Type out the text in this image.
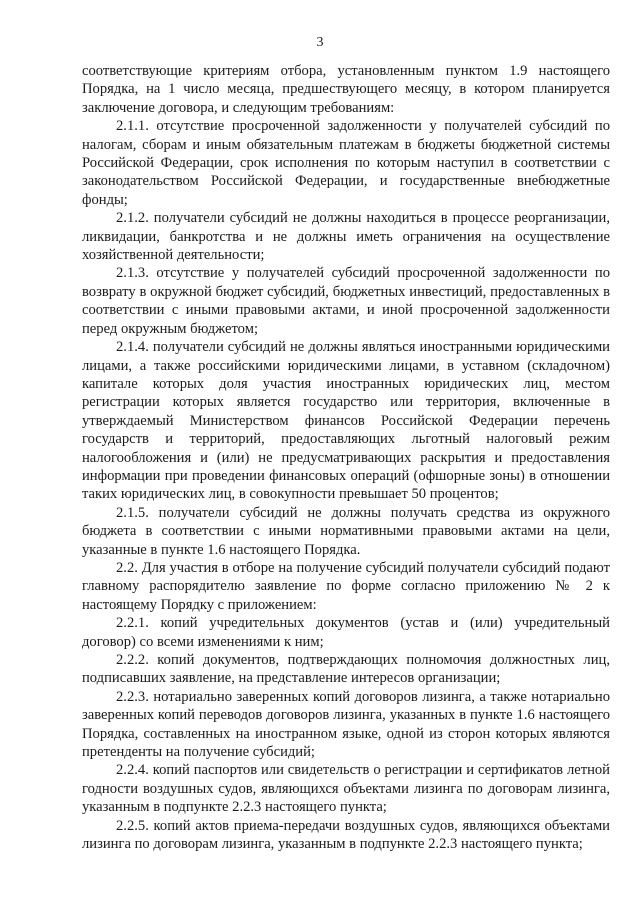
3

соответствующие критериям отбора, установленным пунктом 1.9 настоящего Порядка, на 1 число месяца, предшествующего месяцу, в котором планируется заключение договора, и следующим требованиям:

2.1.1. отсутствие просроченной задолженности у получателей субсидий по налогам, сборам и иным обязательным платежам в бюджеты бюджетной системы Российской Федерации, срок исполнения по которым наступил в соответствии с законодательством Российской Федерации, и государственные внебюджетные фонды;

2.1.2. получатели субсидий не должны находиться в процессе реорганизации, ликвидации, банкротства и не должны иметь ограничения на осуществление хозяйственной деятельности;

2.1.3. отсутствие у получателей субсидий просроченной задолженности по возврату в окружной бюджет субсидий, бюджетных инвестиций, предоставленных в соответствии с иными правовыми актами, и иной просроченной задолженности перед окружным бюджетом;

2.1.4. получатели субсидий не должны являться иностранными юридическими лицами, а также российскими юридическими лицами, в уставном (складочном) капитале которых доля участия иностранных юридических лиц, местом регистрации которых является государство или территория, включенные в утверждаемый Министерством финансов Российской Федерации перечень государств и территорий, предоставляющих льготный налоговый режим налогообложения и (или) не предусматривающих раскрытия и предоставления информации при проведении финансовых операций (офшорные зоны) в отношении таких юридических лиц, в совокупности превышает 50 процентов;

2.1.5. получатели субсидий не должны получать средства из окружного бюджета в соответствии с иными нормативными правовыми актами на цели, указанные в пункте 1.6 настоящего Порядка.

2.2. Для участия в отборе на получение субсидий получатели субсидий подают главному распорядителю заявление по форме согласно приложению № 2 к настоящему Порядку с приложением:

2.2.1. копий учредительных документов (устав и (или) учредительный договор) со всеми изменениями к ним;

2.2.2. копий документов, подтверждающих полномочия должностных лиц, подписавших заявление, на представление интересов организации;

2.2.3. нотариально заверенных копий договоров лизинга, а также нотариально заверенных копий переводов договоров лизинга, указанных в пункте 1.6 настоящего Порядка, составленных на иностранном языке, одной из сторон которых являются претенденты на получение субсидий;

2.2.4. копий паспортов или свидетельств о регистрации и сертификатов летной годности воздушных судов, являющихся объектами лизинга по договорам лизинга, указанным в подпункте 2.2.3 настоящего пункта;

2.2.5. копий актов приема-передачи воздушных судов, являющихся объектами лизинга по договорам лизинга, указанным в подпункте 2.2.3 настоящего пункта;
